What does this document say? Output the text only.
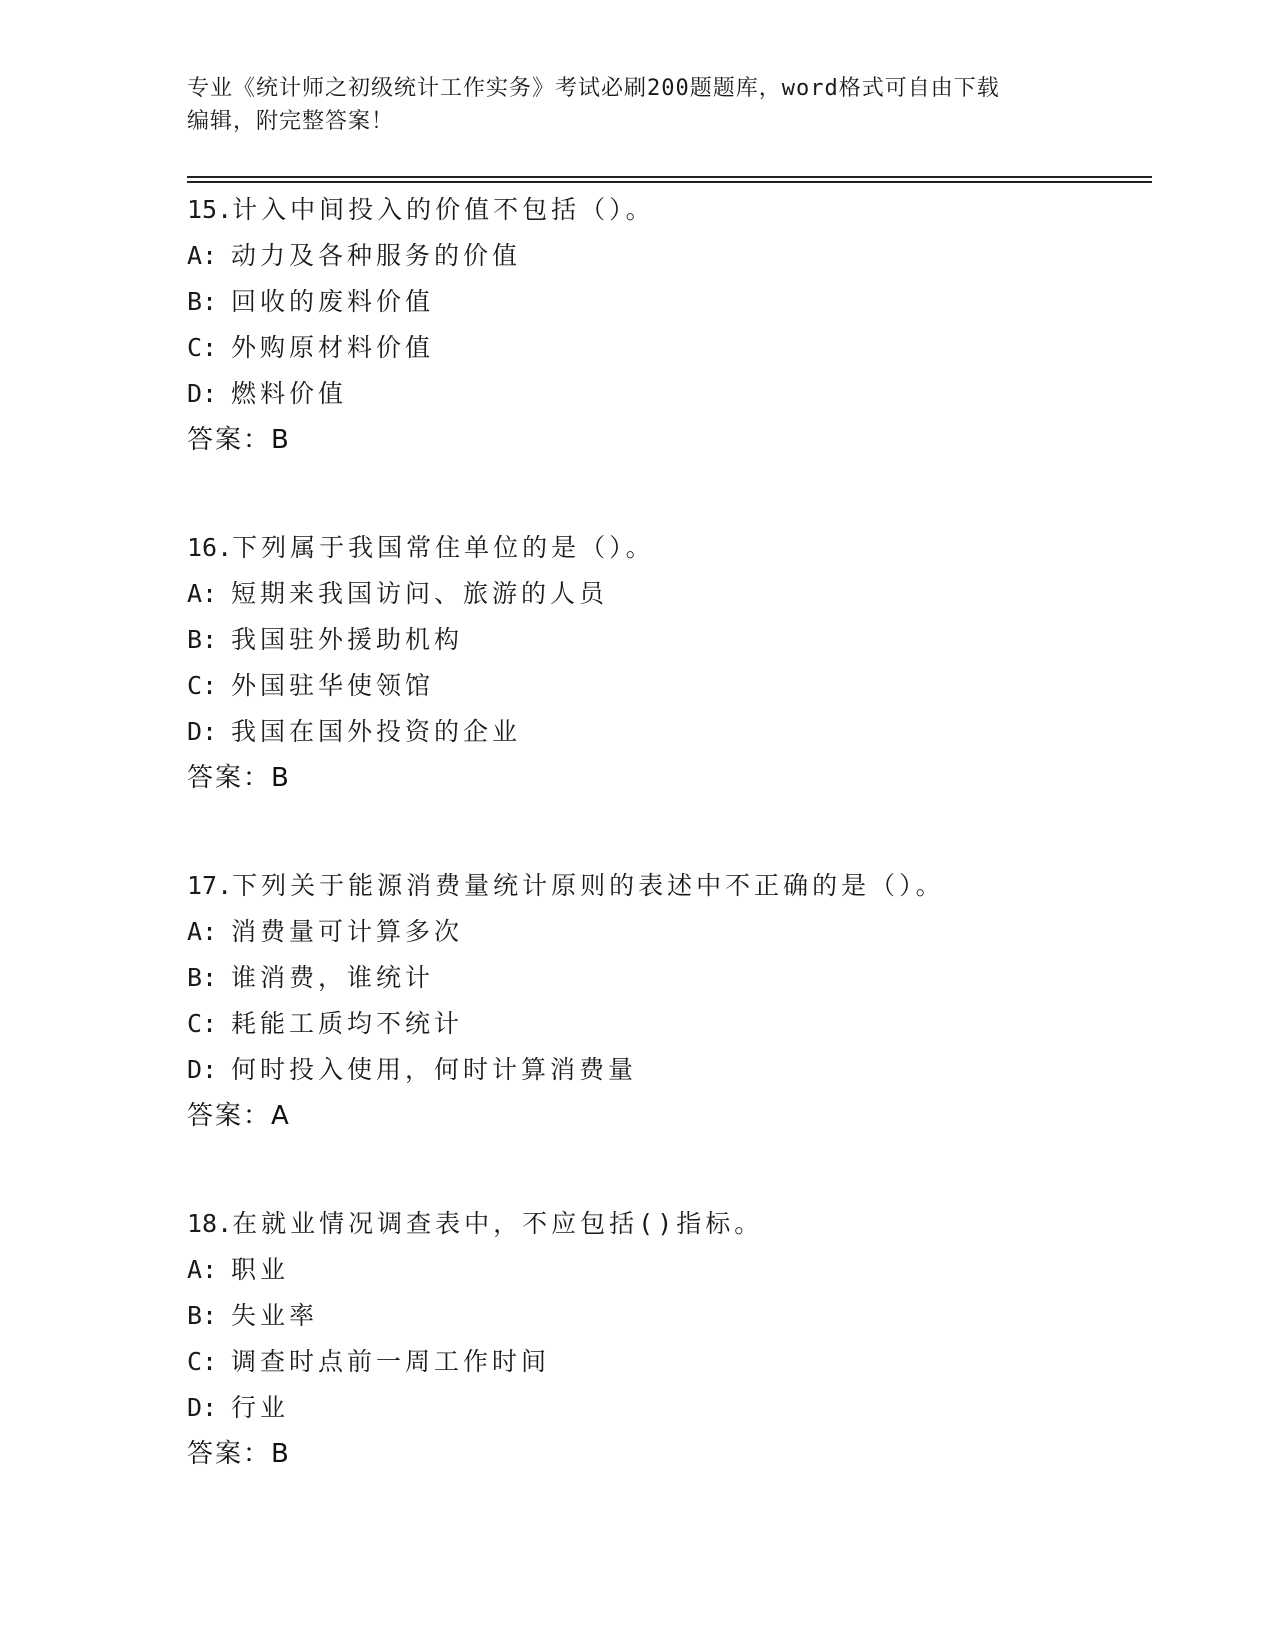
专业《统计师之初级统计工作实务》考试必刷200题题库，word格式可自由下载
编辑，附完整答案！
15.计入中间投入的价值不包括（）。
A: 动力及各种服务的价值
B: 回收的废料价值
C: 外购原材料价值
D: 燃料价值
答案：B
16.下列属于我国常住单位的是（）。
A: 短期来我国访问、旅游的人员
B: 我国驻外援助机构
C: 外国驻华使领馆
D: 我国在国外投资的企业
答案：B
17.下列关于能源消费量统计原则的表述中不正确的是（）。
A: 消费量可计算多次
B: 谁消费，谁统计
C: 耗能工质均不统计
D: 何时投入使用，何时计算消费量
答案：A
18.在就业情况调查表中，不应包括()指标。
A: 职业
B: 失业率
C: 调查时点前一周工作时间
D: 行业
答案：B
